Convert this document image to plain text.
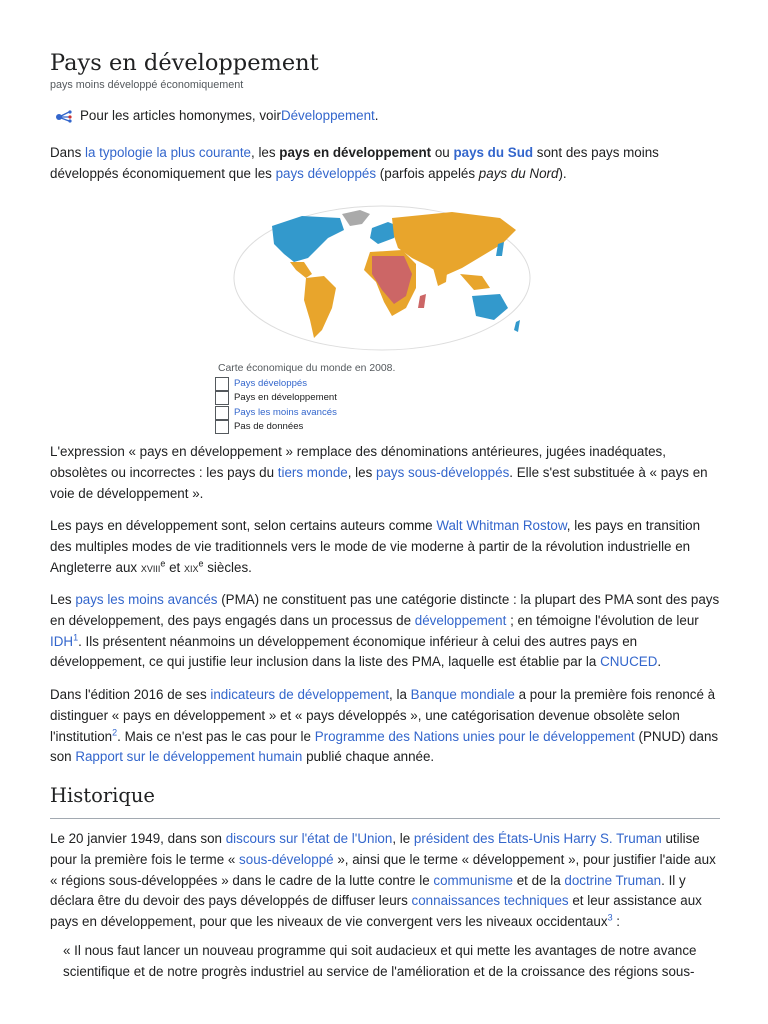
Pays en développement
pays moins développé économiquement
Pour les articles homonymes, voir Développement .

Dans la typologie la plus courante, les pays en développement ou pays du Sud sont des pays moins développés économiquement que les pays développés (parfois appelés pays du Nord).

Carte économique du monde en 2008.
Pays développés
Pays en développement
Pays les moins avancés
Pas de données

L'expression « pays en développement » remplace des dénominations antérieures, jugées inadéquates, obsolètes ou incorrectes : les pays du tiers monde, les pays sous-développés. Elle s'est substituée à « pays en voie de développement ».

Les pays en développement sont, selon certains auteurs comme Walt Whitman Rostow, les pays en transition des multiples modes de vie traditionnels vers le mode de vie moderne à partir de la révolution industrielle en Angleterre aux xviii$^e$ et xix$^e$ siècles.

Les pays les moins avancés (PMA) ne constituent pas une catégorie distincte : la plupart des PMA sont des pays en développement, des pays engagés dans un processus de développement ; en témoigne l'évolution de leur IDH$^1$. Ils présentent néanmoins un développement économique inférieur à celui des autres pays en développement, ce qui justifie leur inclusion dans la liste des PMA, laquelle est établie par la CNUCED.

Dans l'édition 2016 de ses indicateurs de développement, la Banque mondiale a pour la première fois renoncé à distinguer « pays en développement » et « pays développés », une catégorisation devenue obsolète selon l'institution$^2$. Mais ce n'est pas le cas pour le Programme des Nations unies pour le développement (PNUD) dans son Rapport sur le développement humain publié chaque année.

Historique

Le 20 janvier 1949, dans son discours sur l'état de l'Union, le président des États-Unis Harry S. Truman utilise pour la première fois le terme « sous-développé », ainsi que le terme « développement », pour justifier l'aide aux « régions sous-développées » dans le cadre de la lutte contre le communisme et de la doctrine Truman. Il y déclara être du devoir des pays développés de diffuser leurs connaissances techniques et leur assistance aux pays en développement, pour que les niveaux de vie convergent vers les niveaux occidentaux$^3$ :

« Il nous faut lancer un nouveau programme qui soit audacieux et qui mette les avantages de notre avance scientifique et de notre progrès industriel au service de l'amélioration et de la croissance des régions sous-
